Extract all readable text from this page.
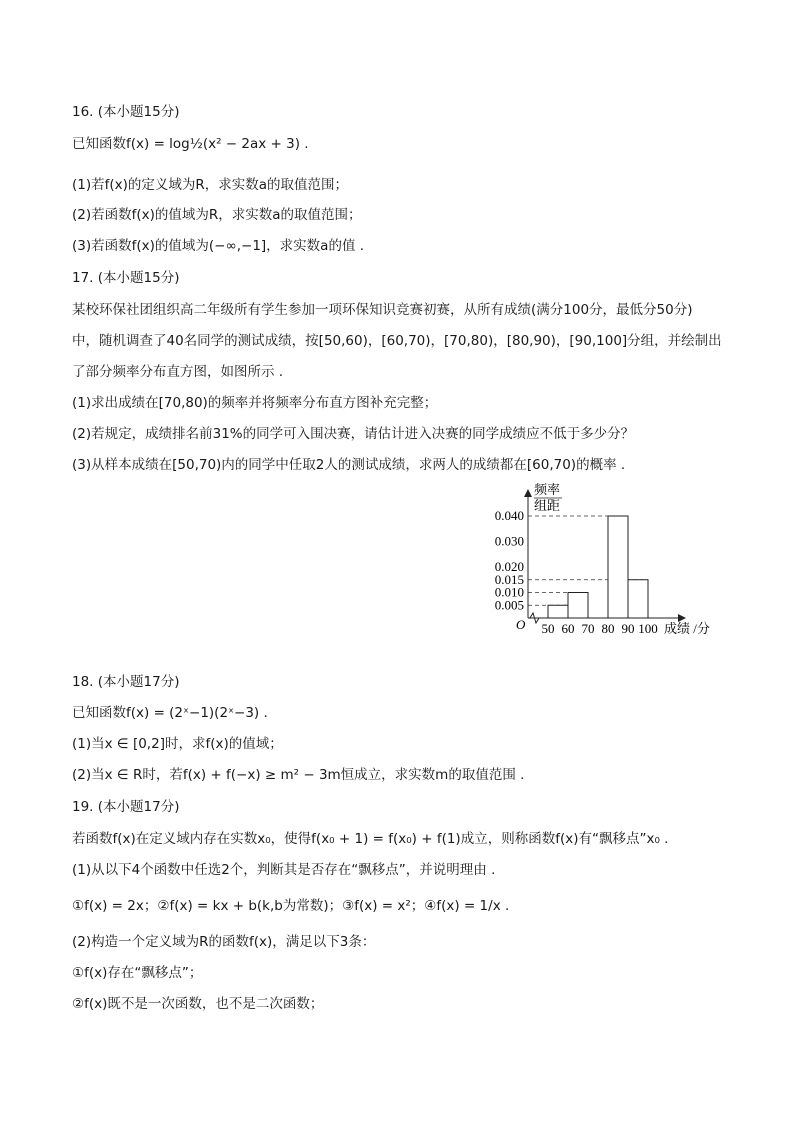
16. (本小题15分)
已知函数f(x) = log½(x² − 2ax + 3) .
(1)若f(x)的定义域为R，求实数a的取值范围；
(2)若函数f(x)的值域为R，求实数a的取值范围；
(3)若函数f(x)的值域为(−∞,−1]，求实数a的值 .
17. (本小题15分)
某校环保社团组织高二年级所有学生参加一项环保知识竞赛初赛，从所有成绩(满分100分，最低分50分)
中，随机调查了40名同学的测试成绩，按[50,60)，[60,70)，[70,80)，[80,90)，[90,100]分组，并绘制出
了部分频率分布直方图，如图所示 .
(1)求出成绩在[70,80)的频率并将频率分布直方图补充完整；
(2)若规定，成绩排名前31%的同学可入围决赛，请估计进入决赛的同学成绩应不低于多少分？
(3)从样本成绩在[50,70)内的同学中任取2人的测试成绩，求两人的成绩都在[60,70)的概率 .
频率
组距
O	成绩 /分
0.005
0.010
0.015
0.020
0.030
0.040
50 60 70 80 90 100
18. (本小题17分)
已知函数f(x) = (2ˣ−1)(2ˣ−3) .
(1)当x ∈ [0,2]时，求f(x)的值域；
(2)当x ∈ R时，若f(x) + f(−x) ≥ m² − 3m恒成立，求实数m的取值范围 .
19. (本小题17分)
若函数f(x)在定义域内存在实数x₀，使得f(x₀ + 1) = f(x₀) + f(1)成立，则称函数f(x)有“飘移点”x₀ .
(1)从以下4个函数中任选2个，判断其是否存在“飘移点”，并说明理由 .
①f(x) = 2x；②f(x) = kx + b(k,b为常数)；③f(x) = x²；④f(x) = 1/x .
(2)构造一个定义域为R的函数f(x)，满足以下3条：
①f(x)存在“飘移点”；
②f(x)既不是一次函数，也不是二次函数；
